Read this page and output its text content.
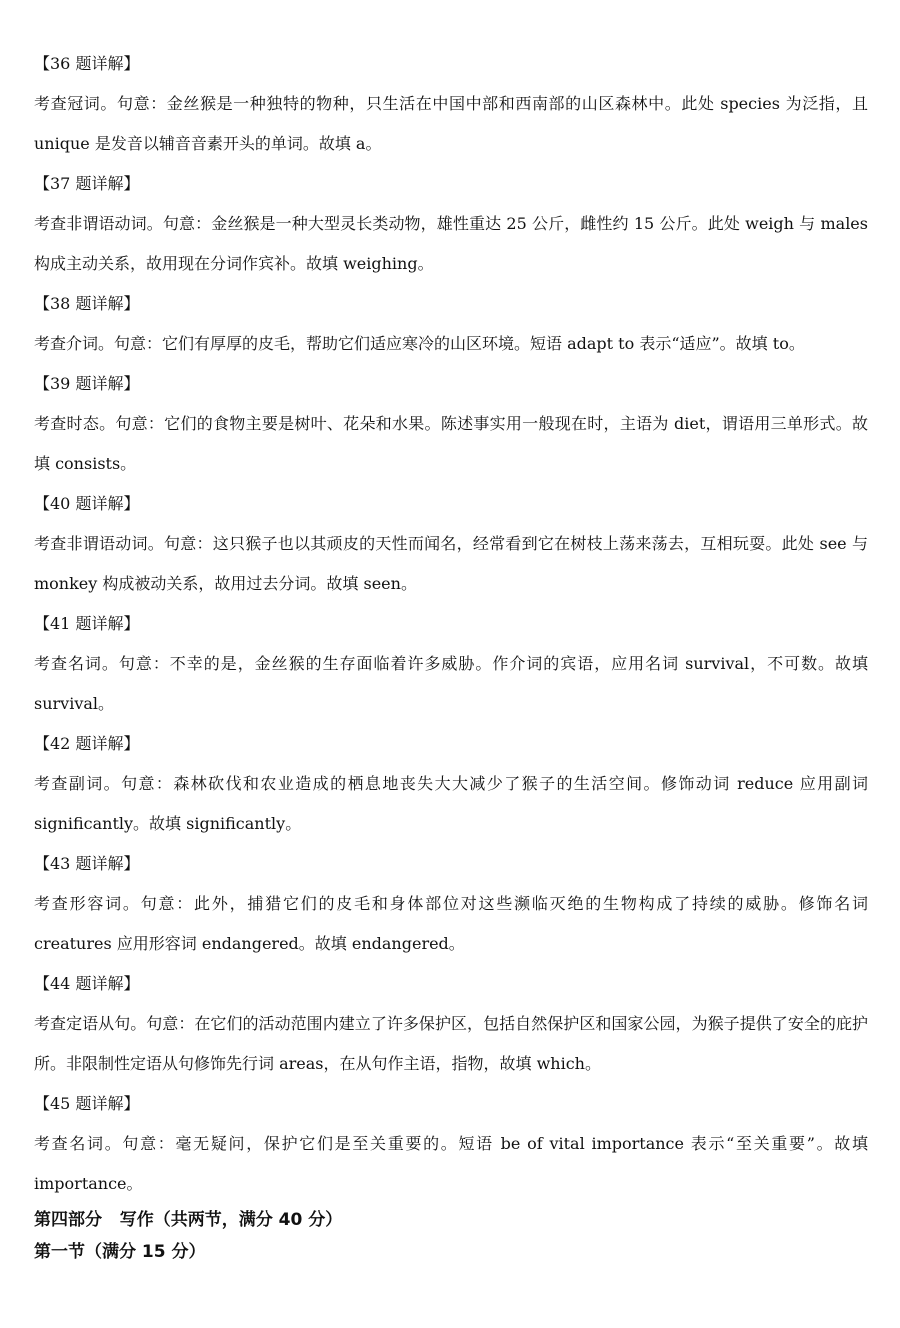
【36 题详解】

考查冠词。句意：金丝猴是一种独特的物种，只生活在中国中部和西南部的山区森林中。此处 species 为泛指，且 unique 是发音以辅音音素开头的单词。故填 a。

【37 题详解】

考查非谓语动词。句意：金丝猴是一种大型灵长类动物，雄性重达 25 公斤，雌性约 15 公斤。此处 weigh 与 males 构成主动关系，故用现在分词作宾补。故填 weighing。

【38 题详解】

考查介词。句意：它们有厚厚的皮毛，帮助它们适应寒冷的山区环境。短语 adapt to 表示“适应”。故填 to。

【39 题详解】

考查时态。句意：它们的食物主要是树叶、花朵和水果。陈述事实用一般现在时，主语为 diet，谓语用三单形式。故填 consists。

【40 题详解】

考查非谓语动词。句意：这只猴子也以其顽皮的天性而闻名，经常看到它在树枝上荡来荡去，互相玩耍。此处 see 与 monkey 构成被动关系，故用过去分词。故填 seen。

【41 题详解】

考查名词。句意：不幸的是，金丝猴的生存面临着许多威胁。作介词的宾语，应用名词 survival，不可数。故填 survival。

【42 题详解】

考查副词。句意：森林砍伐和农业造成的栖息地丧失大大减少了猴子的生活空间。修饰动词 reduce 应用副词 significantly。故填 significantly。

【43 题详解】

考查形容词。句意：此外，捕猎它们的皮毛和身体部位对这些濒临灭绝的生物构成了持续的威胁。修饰名词 creatures 应用形容词 endangered。故填 endangered。

【44 题详解】

考查定语从句。句意：在它们的活动范围内建立了许多保护区，包括自然保护区和国家公园，为猴子提供了安全的庇护所。非限制性定语从句修饰先行词 areas，在从句作主语，指物，故填 which。

【45 题详解】

考查名词。句意：毫无疑问，保护它们是至关重要的。短语 be of vital importance 表示“至关重要”。故填 importance。

第四部分   写作（共两节，满分 40 分）
第一节（满分 15 分）
